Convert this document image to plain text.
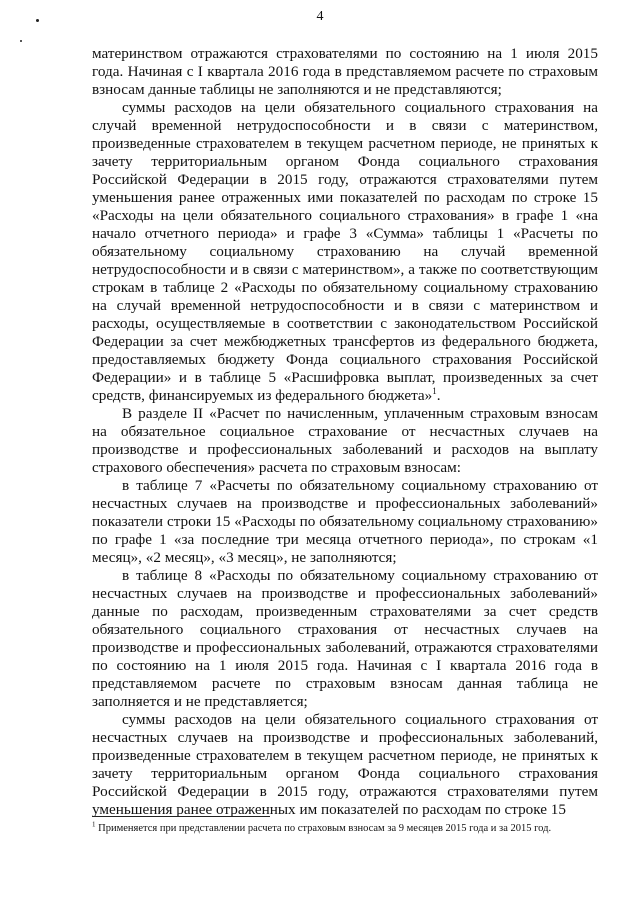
4

материнством отражаются страхователями по состоянию на 1 июля 2015 года. Начиная с I квартала 2016 года в представляемом расчете по страховым взносам данные таблицы не заполняются и не представляются;

суммы расходов на цели обязательного социального страхования на случай временной нетрудоспособности и в связи с материнством, произведенные страхователем в текущем расчетном периоде, не принятых к зачету территориальным органом Фонда социального страхования Российской Федерации в 2015 году, отражаются страхователями путем уменьшения ранее отраженных ими показателей по расходам по строке 15 «Расходы на цели обязательного социального страхования» в графе 1 «на начало отчетного периода» и графе 3 «Сумма» таблицы 1 «Расчеты по обязательному социальному страхованию на случай временной нетрудоспособности и в связи с материнством», а также по соответствующим строкам в таблице 2 «Расходы по обязательному социальному страхованию на случай временной нетрудоспособности и в связи с материнством и расходы, осуществляемые в соответствии с законодательством Российской Федерации за счет межбюджетных трансфертов из федерального бюджета, предоставляемых бюджету Фонда социального страхования Российской Федерации» и в таблице 5 «Расшифровка выплат, произведенных за счет средств, финансируемых из федерального бюджета»$^1$.

В разделе II «Расчет по начисленным, уплаченным страховым взносам на обязательное социальное страхование от несчастных случаев на производстве и профессиональных заболеваний и расходов на выплату страхового обеспечения» расчета по страховым взносам:

в таблице 7 «Расчеты по обязательному социальному страхованию от несчастных случаев на производстве и профессиональных заболеваний» показатели строки 15 «Расходы по обязательному социальному страхованию» по графе 1 «за последние три месяца отчетного периода», по строкам «1 месяц», «2 месяц», «3 месяц», не заполняются;

в таблице 8 «Расходы по обязательному социальному страхованию от несчастных случаев на производстве и профессиональных заболеваний» данные по расходам, произведенным страхователями за счет средств обязательного социального страхования от несчастных случаев на производстве и профессиональных заболеваний, отражаются страхователями по состоянию на 1 июля 2015 года. Начиная с I квартала 2016 года в представляемом расчете по страховым взносам данная таблица не заполняется и не представляется;

суммы расходов на цели обязательного социального страхования от несчастных случаев на производстве и профессиональных заболеваний, произведенные страхователем в текущем расчетном периоде, не принятых к зачету территориальным органом Фонда социального страхования Российской Федерации в 2015 году, отражаются страхователями путем уменьшения ранее отраженных им показателей по расходам по строке 15

$^1$ Применяется при представлении расчета по страховым взносам за 9 месяцев 2015 года и за 2015 год.
